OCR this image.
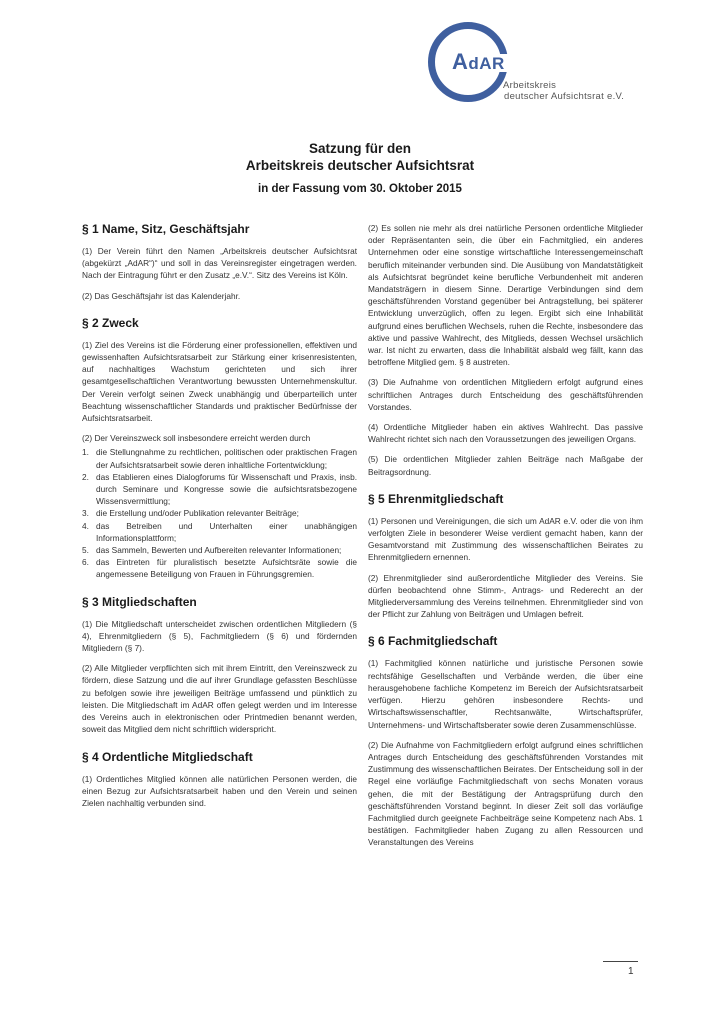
AdAR
Arbeitskreis
deutscher Aufsichtsrat e.V.
Satzung für den
Arbeitskreis deutscher Aufsichtsrat
in der Fassung vom 30. Oktober 2015
§ 1 Name, Sitz, Geschäftsjahr

(1) Der Verein führt den Namen „Arbeitskreis deutscher Aufsichtsrat (abgekürzt „AdAR“)“ und soll in das Vereinsregister eingetragen werden. Nach der Eintragung führt er den Zusatz „e.V.“. Sitz des Vereins ist Köln.

(2) Das Geschäftsjahr ist das Kalenderjahr.

§ 2 Zweck

(1) Ziel des Vereins ist die Förderung einer professionellen, effektiven und gewissenhaften Aufsichtsratsarbeit zur Stärkung einer krisenresistenten, auf nachhaltiges Wachstum gerichteten und sich ihrer gesamtgesellschaftlichen Verantwortung bewussten Unternehmenskultur. Der Verein verfolgt seinen Zweck unabhängig und überparteilich unter Beachtung wissenschaftlicher Standards und praktischer Bedürfnisse der Aufsichtsratsarbeit.

(2) Der Vereinszweck soll insbesondere erreicht werden durch

1. die Stellungnahme zu rechtlichen, politischen oder praktischen Fragen der Aufsichtsratsarbeit sowie deren inhaltliche Fortentwicklung;
2. das Etablieren eines Dialogforums für Wissenschaft und Praxis, insb. durch Seminare und Kongresse sowie die aufsichtsratsbezogene Wissensvermittlung;
3. die Erstellung und/oder Publikation relevanter Beiträge;
4. das Betreiben und Unterhalten einer unabhängigen Informationsplattform;
5. das Sammeln, Bewerten und Aufbereiten relevanter Informationen;
6. das Eintreten für pluralistisch besetzte Aufsichtsräte sowie die angemessene Beteiligung von Frauen in Führungsgremien.
§ 3 Mitgliedschaften

(1) Die Mitgliedschaft unterscheidet zwischen ordentlichen Mitgliedern (§ 4), Ehrenmitgliedern (§ 5), Fachmitgliedern (§ 6) und fördernden Mitgliedern (§ 7).

(2) Alle Mitglieder verpflichten sich mit ihrem Eintritt, den Vereinszweck zu fördern, diese Satzung und die auf ihrer Grundlage gefassten Beschlüsse zu befolgen sowie ihre jeweiligen Beiträge umfassend und pünktlich zu leisten. Die Mitgliedschaft im AdAR offen gelegt werden und im Interesse des Vereins auch in elektronischen oder Printmedien benannt werden, soweit das Mitglied dem nicht schriftlich widerspricht.

§ 4 Ordentliche Mitgliedschaft

(1) Ordentliches Mitglied können alle natürlichen Personen werden, die einen Bezug zur Aufsichtsratsarbeit haben und den Verein und seinen Zielen nachhaltig verbunden sind.

(2) Es sollen nie mehr als drei natürliche Personen ordentliche Mitglieder oder Repräsentanten sein, die über ein Fachmitglied, ein anderes Unternehmen oder eine sonstige wirtschaftliche Interessengemeinschaft beruflich miteinander verbunden sind. Die Ausübung von Mandatstätigkeit als Aufsichtsrat begründet keine berufliche Verbundenheit mit anderen Mandatsträgern in diesem Sinne. Derartige Verbindungen sind dem geschäftsführenden Vorstand gegenüber bei Antragstellung, bei späterer Entwicklung unverzüglich, offen zu legen. Ergibt sich eine Inhabilität aufgrund eines beruflichen Wechsels, ruhen die Rechte, insbesondere das aktive und passive Wahlrecht, des Mitglieds, dessen Wechsel ursächlich war. Ist nicht zu erwarten, dass die Inhabilität alsbald weg fällt, kann das betroffene Mitglied gem. § 8 austreten.

(3) Die Aufnahme von ordentlichen Mitgliedern erfolgt aufgrund eines schriftlichen Antrages durch Entscheidung des geschäftsführenden Vorstandes.

(4) Ordentliche Mitglieder haben ein aktives Wahlrecht. Das passive Wahlrecht richtet sich nach den Voraussetzungen des jeweiligen Organs.

(5) Die ordentlichen Mitglieder zahlen Beiträge nach Maßgabe der Beitragsordnung.

§ 5 Ehrenmitgliedschaft

(1) Personen und Vereinigungen, die sich um AdAR e.V. oder die von ihm verfolgten Ziele in besonderer Weise verdient gemacht haben, kann der Gesamtvorstand mit Zustimmung des wissenschaftlichen Beirates zu Ehrenmitgliedern ernennen.

(2) Ehrenmitglieder sind außerordentliche Mitglieder des Vereins. Sie dürfen beobachtend ohne Stimm-, Antrags- und Rederecht an der Mitgliederversammlung des Vereins teilnehmen. Ehrenmitglieder sind von der Pflicht zur Zahlung von Beiträgen und Umlagen befreit.

§ 6 Fachmitgliedschaft

(1) Fachmitglied können natürliche und juristische Personen sowie rechtsfähige Gesellschaften und Verbände werden, die über eine herausgehobene fachliche Kompetenz im Bereich der Aufsichtsratsarbeit verfügen. Hierzu gehören insbesondere Rechts- und Wirtschaftswissenschaftler, Rechtsanwälte, Wirtschaftsprüfer, Unternehmens- und Wirtschaftsberater sowie deren Zusammenschlüsse.

(2) Die Aufnahme von Fachmitgliedern erfolgt aufgrund eines schriftlichen Antrages durch Entscheidung des geschäftsführenden Vorstandes mit Zustimmung des wissenschaftlichen Beirates. Der Entscheidung soll in der Regel eine vorläufige Fachmitgliedschaft von sechs Monaten voraus gehen, die mit der Bestätigung der Antragsprüfung durch den geschäftsführenden Vorstand beginnt. In dieser Zeit soll das vorläufige Fachmitglied durch geeignete Fachbeiträge seine Kompetenz nach Abs. 1 bestätigen. Fachmitglieder haben Zugang zu allen Ressourcen und Veranstaltungen des Vereins

1
